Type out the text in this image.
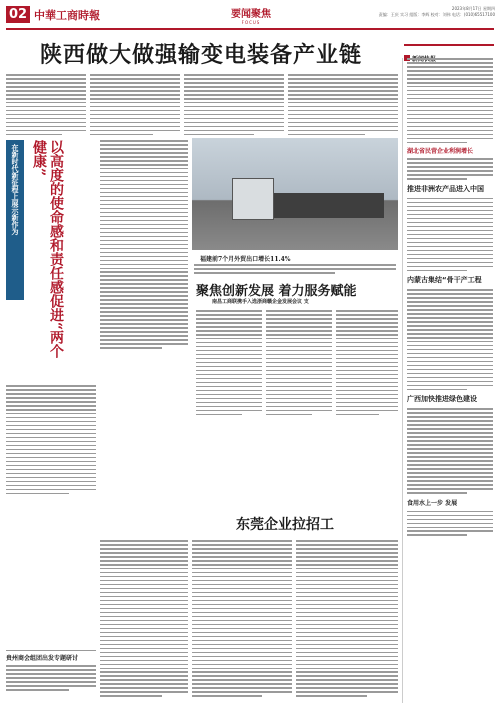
02 中華工商時報	要闻聚焦
FOCUS
2023年8月17日 星期四
责编：王庆 实习 组版：李辉 校对：刘伟 电话：(010)65517100
陕西做大做强输变电装备产业链
在新时代新征程上展示新作为	以高度的使命感和责任感促进“两个健康”
福建前7个月外贸出口增长11.4%
聚焦创新发展 着力服务赋能
南昌工商联携手入选浙商赣企金发展会议 支
东莞企业拉招工
贵州商会组团出发专题研讨
湖北省民营企业利润增长
推进非洲农产品进入中国
内蒙古集结“骨干产工程
广西加快推进绿色建设
食用水上一步 发展
